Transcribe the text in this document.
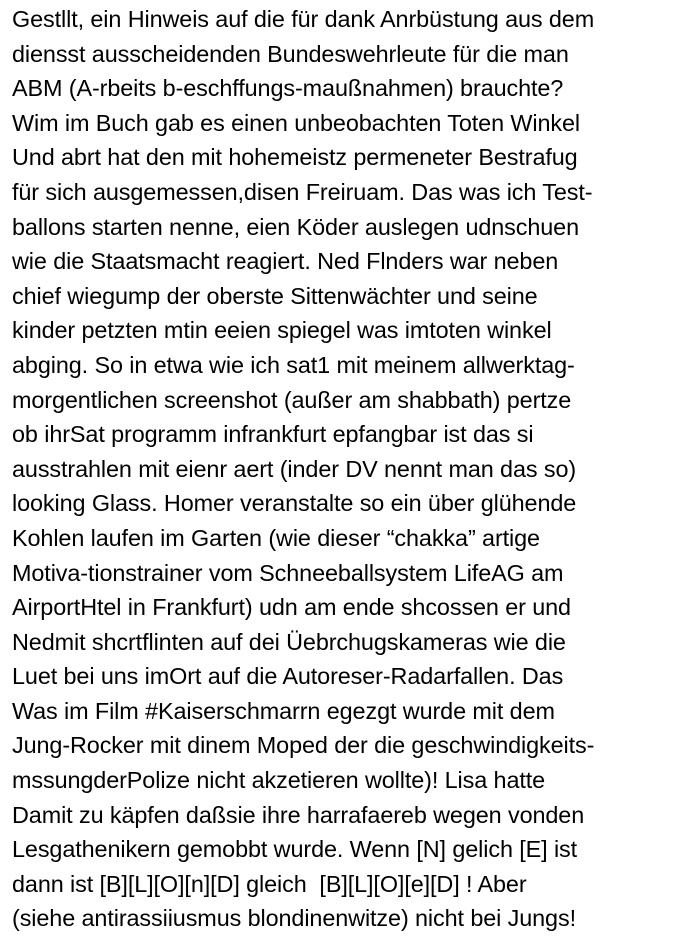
Gestllt, ein Hinweis auf die für dank Anrbüstung aus dem
diensst ausscheidenden Bundeswehrleute für die man
ABM (A-rbeits b-eschffungs-maußnahmen) brauchte?
Wim im Buch gab es einen unbeobachten Toten Winkel
Und abrt hat den mit hohemeistz permeneter Bestrafug
für sich ausgemessen,disen Freiruam. Das was ich Test-
ballons starten nenne, eien Köder auslegen udnschuen
wie die Staatsmacht reagiert. Ned Flnders war neben
chief wiegump der oberste Sittenwächter und seine
kinder petzten mtin eeien spiegel was imtoten winkel
abging. So in etwa wie ich sat1 mit meinem allwerktag-
morgentlichen screenshot (außer am shabbath) pertze
ob ihrSat programm infrankfurt epfangbar ist das si
ausstrahlen mit eienr aert (inder DV nennt man das so)
looking Glass. Homer veranstalte so ein über glühende
Kohlen laufen im Garten (wie dieser “chakka” artige
Motiva-tionstrainer vom Schneeballsystem LifeAG am
AirportHtel in Frankfurt) udn am ende shcossen er und
Nedmit shcrtflinten auf dei Üebrchugskameras wie die
Luet bei uns imOrt auf die Autoreser-Radarfallen. Das
Was im Film #Kaiserschmarrn egezgt wurde mit dem
Jung-Rocker mit dinem Moped der die geschwindigkeits-
mssungderPolize nicht akzetieren wollte)! Lisa hatte
Damit zu käpfen daßsie ihre harrafaereb wegen vonden
Lesgathenikern gemobbt wurde. Wenn [N] gelich [E] ist
dann ist [B][L][O][n][D] gleich  [B][L][O][e][D] ! Aber
(siehe antirassiiusmus blondinenwitze) nicht bei Jungs!
